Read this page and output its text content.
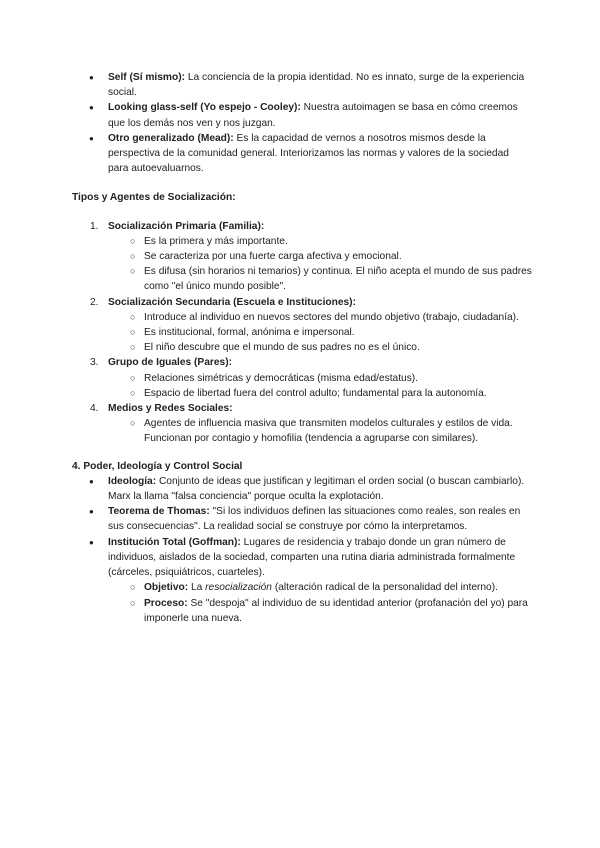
● Self (Sí mismo): La conciencia de la propia identidad. No es innato, surge de la experiencia social.
● Looking glass-self (Yo espejo - Cooley): Nuestra autoimagen se basa en cómo creemos que los demás nos ven y nos juzgan.
● Otro generalizado (Mead): Es la capacidad de vernos a nosotros mismos desde la perspectiva de la comunidad general. Interiorizamos las normas y valores de la sociedad para autoevaluarnos.

Tipos y Agentes de Socialización:

1. Socialización Primaria (Familia):
○ Es la primera y más importante.
○ Se caracteriza por una fuerte carga afectiva y emocional.
○ Es difusa (sin horarios ni temarios) y continua. El niño acepta el mundo de sus padres como "el único mundo posible".
2. Socialización Secundaria (Escuela e Instituciones):
○ Introduce al individuo en nuevos sectores del mundo objetivo (trabajo, ciudadanía).
○ Es institucional, formal, anónima e impersonal.
○ El niño descubre que el mundo de sus padres no es el único.
3. Grupo de Iguales (Pares):
○ Relaciones simétricas y democráticas (misma edad/estatus).
○ Espacio de libertad fuera del control adulto; fundamental para la autonomía.
4. Medios y Redes Sociales:
○ Agentes de influencia masiva que transmiten modelos culturales y estilos de vida. Funcionan por contagio y homofilia (tendencia a agruparse con similares).

4. Poder, Ideología y Control Social

● Ideología: Conjunto de ideas que justifican y legitiman el orden social (o buscan cambiarlo). Marx la llama "falsa conciencia" porque oculta la explotación.
● Teorema de Thomas: "Si los individuos definen las situaciones como reales, son reales en sus consecuencias". La realidad social se construye por cómo la interpretamos.
● Institución Total (Goffman): Lugares de residencia y trabajo donde un gran número de individuos, aislados de la sociedad, comparten una rutina diaria administrada formalmente (cárceles, psiquiátricos, cuarteles).
○ Objetivo: La resocialización (alteración radical de la personalidad del interno).
○ Proceso: Se "despoja" al individuo de su identidad anterior (profanación del yo) para imponerle una nueva.
